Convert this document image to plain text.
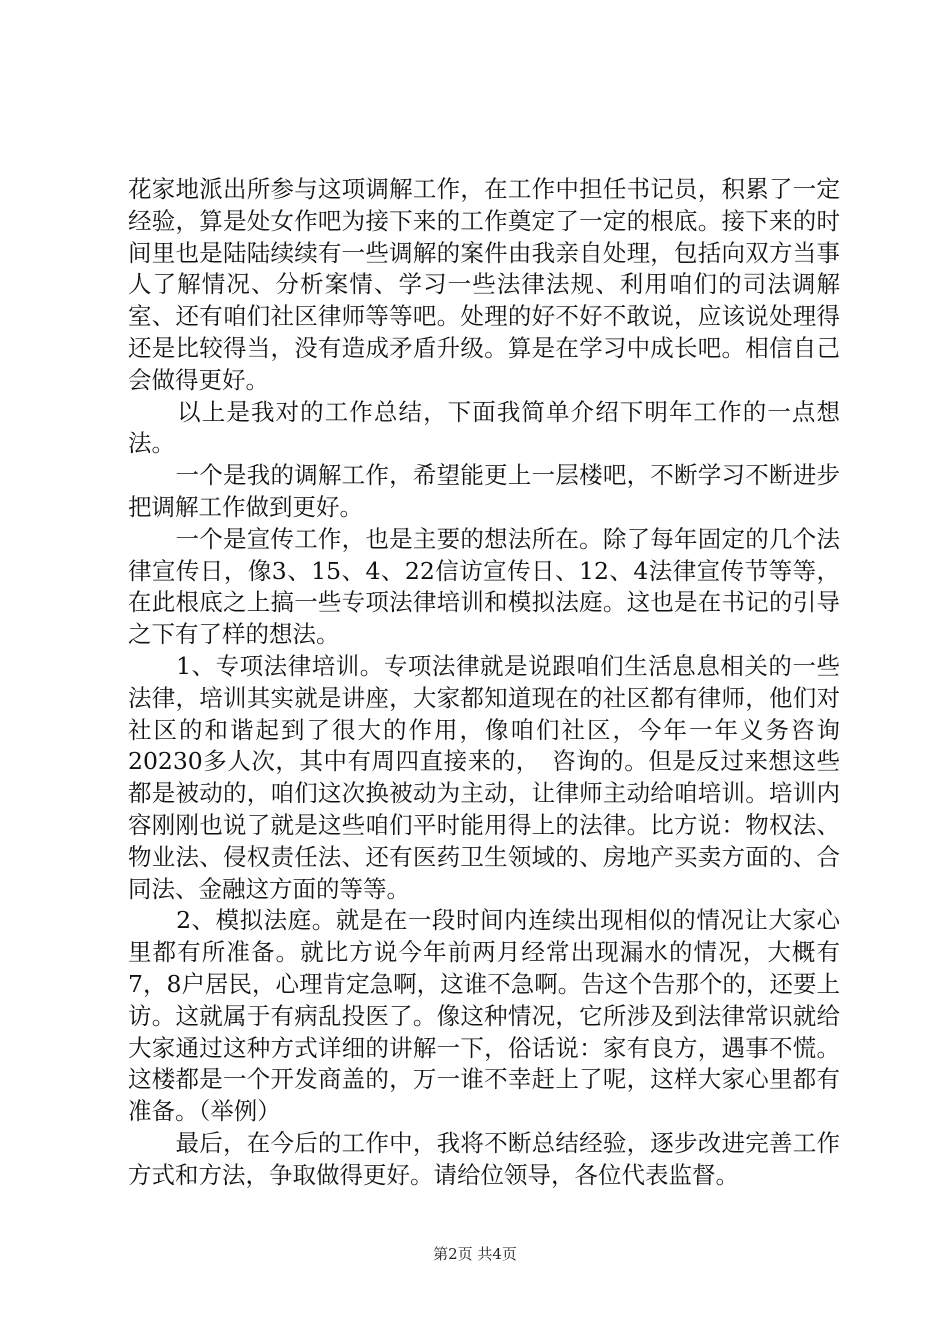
花家地派出所参与这项调解工作，在工作中担任书记员，积累了一定经验，算是处女作吧为接下来的工作奠定了一定的根底。接下来的时间里也是陆陆续续有一些调解的案件由我亲自处理，包括向双方当事人了解情况、分析案情、学习一些法律法规、利用咱们的司法调解室、还有咱们社区律师等等吧。处理的好不好不敢说，应该说处理得还是比较得当，没有造成矛盾升级。算是在学习中成长吧。相信自己会做得更好。

　　以上是我对的工作总结，下面我简单介绍下明年工作的一点想法。

　　一个是我的调解工作，希望能更上一层楼吧，不断学习不断进步把调解工作做到更好。

　　一个是宣传工作，也是主要的想法所在。除了每年固定的几个法律宣传日，像3、15、4、22信访宣传日、12、4法律宣传节等等，在此根底之上搞一些专项法律培训和模拟法庭。这也是在书记的引导之下有了样的想法。

　　1、专项法律培训。专项法律就是说跟咱们生活息息相关的一些法律，培训其实就是讲座，大家都知道现在的社区都有律师，他们对社区的和谐起到了很大的作用，像咱们社区，今年一年义务咨询20230多人次，其中有周四直接来的，　咨询的。但是反过来想这些都是被动的，咱们这次换被动为主动，让律师主动给咱培训。培训内容刚刚也说了就是这些咱们平时能用得上的法律。比方说：物权法、物业法、侵权责任法、还有医药卫生领域的、房地产买卖方面的、合同法、金融这方面的等等。

　　2、模拟法庭。就是在一段时间内连续出现相似的情况让大家心里都有所准备。就比方说今年前两月经常出现漏水的情况，大概有7，8户居民，心理肯定急啊，这谁不急啊。告这个告那个的，还要上访。这就属于有病乱投医了。像这种情况，它所涉及到法律常识就给大家通过这种方式详细的讲解一下，俗话说：家有良方，遇事不慌。这楼都是一个开发商盖的，万一谁不幸赶上了呢，这样大家心里都有准备。（举例）

　　最后，在今后的工作中，我将不断总结经验，逐步改进完善工作方式和方法，争取做得更好。请给位领导，各位代表监督。

第2页 共4页
